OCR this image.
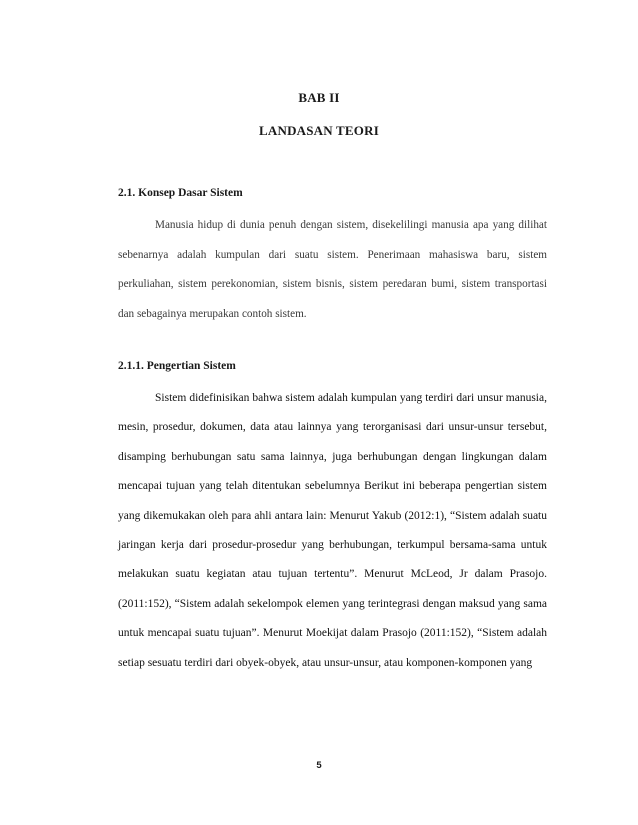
BAB II
LANDASAN TEORI
2.1. Konsep Dasar Sistem

Manusia hidup di dunia penuh dengan sistem, disekelilingi manusia apa yang dilihat sebenarnya adalah kumpulan dari suatu sistem. Penerimaan mahasiswa baru, sistem perkuliahan, sistem perekonomian, sistem bisnis, sistem peredaran bumi, sistem transportasi dan sebagainya merupakan contoh sistem.

2.1.1. Pengertian Sistem

Sistem didefinisikan bahwa sistem adalah kumpulan yang terdiri dari unsur manusia, mesin, prosedur, dokumen, data atau lainnya yang terorganisasi dari unsur-unsur tersebut, disamping berhubungan satu sama lainnya, juga berhubungan dengan lingkungan dalam mencapai tujuan yang telah ditentukan sebelumnya Berikut ini beberapa pengertian sistem yang dikemukakan oleh para ahli antara lain: Menurut Yakub (2012:1), “Sistem adalah suatu jaringan kerja dari prosedur-prosedur yang berhubungan, terkumpul bersama-sama untuk melakukan suatu kegiatan atau tujuan tertentu”. Menurut McLeod, Jr dalam Prasojo. (2011:152), “Sistem adalah sekelompok elemen yang terintegrasi dengan maksud yang sama untuk mencapai suatu tujuan”. Menurut Moekijat dalam Prasojo (2011:152), “Sistem adalah setiap sesuatu terdiri dari obyek-obyek, atau unsur-unsur, atau komponen-komponen yang

5
